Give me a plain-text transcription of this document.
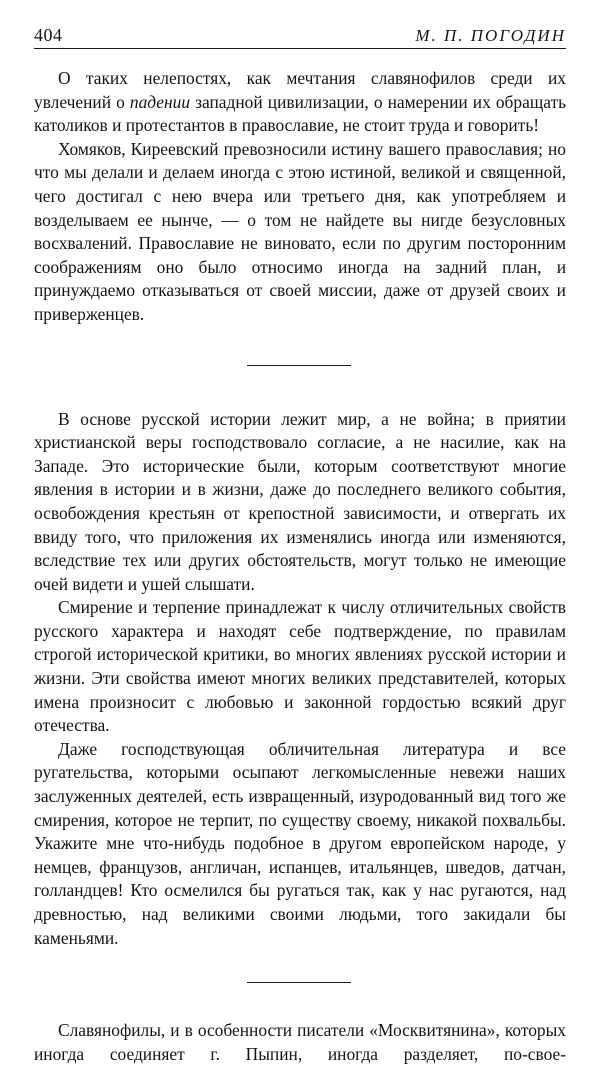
404	М. П. ПОГОДИН

О таких нелепостях, как мечтания славянофилов среди их увлечений о падении западной цивилизации, о намерении их обращать католиков и протестантов в православие, не стоит труда и говорить!

Хомяков, Киреевский превозносили истину вашего православия; но что мы делали и делаем иногда с этою истиной, великой и священной, чего достигал с нею вчера или третьего дня, как употребляем и возделываем ее нынче, — о том не найдете вы нигде безусловных восхвалений. Православие не виновато, если по другим посторонним соображениям оно было относимо иногда на задний план, и принуждаемо отказываться от своей миссии, даже от друзей своих и приверженцев.

В основе русской истории лежит мир, а не война; в приятии христианской веры господствовало согласие, а не насилие, как на Западе. Это исторические были, которым соответствуют многие явления в истории и в жизни, даже до последнего великого события, освобождения крестьян от крепостной зависимости, и отвергать их ввиду того, что приложения их изменялись иногда или изменяются, вследствие тех или других обстоятельств, могут только не имеющие очей видети и ушей слышати.

Смирение и терпение принадлежат к числу отличительных свойств русского характера и находят себе подтверждение, по правилам строгой исторической критики, во многих явлениях русской истории и жизни. Эти свойства имеют многих великих представителей, которых имена произносит с любовью и законной гордостью всякий друг отечества.

Даже господствующая обличительная литература и все ругательства, которыми осыпают легкомысленные невежи наших заслуженных деятелей, есть извращенный, изуродованный вид того же смирения, которое не терпит, по существу своему, никакой похвальбы. Укажите мне что-нибудь подобное в другом европейском народе, у немцев, французов, англичан, испанцев, итальянцев, шведов, датчан, голландцев! Кто осмелился бы ругаться так, как у нас ругаются, над древностью, над великими своими людьми, того закидали бы каменьями.

Славянофилы, и в особенности писатели «Москвитянина», которых иногда соединяет г. Пыпин, иногда разделяет, по-свое-
